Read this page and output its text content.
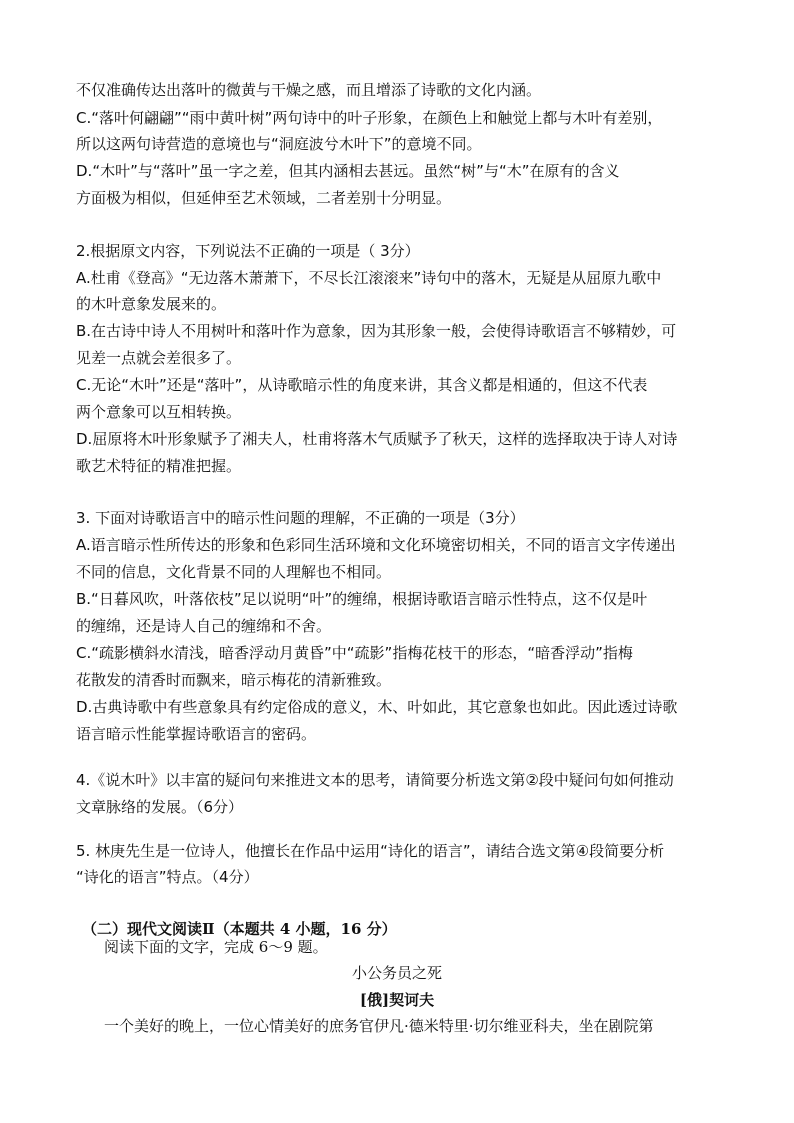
不仅准确传达出落叶的微黄与干燥之感，而且增添了诗歌的文化内涵。
C.“落叶何翩翩”“雨中黄叶树”两句诗中的叶子形象，在颜色上和触觉上都与木叶有差别，
所以这两句诗营造的意境也与“洞庭波兮木叶下”的意境不同。
D.“木叶”与“落叶”虽一字之差，但其内涵相去甚远。虽然“树”与“木”在原有的含义
方面极为相似，但延伸至艺术领域，二者差别十分明显。
2.根据原文内容，下列说法不正确的一项是（ 3分）
A.杜甫《登高》“无边落木萧萧下，不尽长江滚滚来”诗句中的落木，无疑是从屈原九歌中
的木叶意象发展来的。
B.在古诗中诗人不用树叶和落叶作为意象，因为其形象一般，会使得诗歌语言不够精妙，可
见差一点就会差很多了。
C.无论“木叶”还是“落叶”，从诗歌暗示性的角度来讲，其含义都是相通的，但这不代表
两个意象可以互相转换。
D.屈原将木叶形象赋予了湘夫人，杜甫将落木气质赋予了秋天，这样的选择取决于诗人对诗
歌艺术特征的精准把握。
3. 下面对诗歌语言中的暗示性问题的理解，不正确的一项是（3分）
A.语言暗示性所传达的形象和色彩同生活环境和文化环境密切相关，不同的语言文字传递出
不同的信息，文化背景不同的人理解也不相同。
B.“日暮风吹，叶落依枝”足以说明“叶”的缠绵，根据诗歌语言暗示性特点，这不仅是叶
的缠绵，还是诗人自己的缠绵和不舍。
C.“疏影横斜水清浅，暗香浮动月黄昏”中“疏影”指梅花枝干的形态，“暗香浮动”指梅
花散发的清香时而飘来，暗示梅花的清新雅致。
D.古典诗歌中有些意象具有约定俗成的意义，木、叶如此，其它意象也如此。因此透过诗歌
语言暗示性能掌握诗歌语言的密码。
4.《说木叶》以丰富的疑问句来推进文本的思考，请简要分析选文第②段中疑问句如何推动
文章脉络的发展。（6分）
5. 林庚先生是一位诗人，他擅长在作品中运用“诗化的语言”，请结合选文第④段简要分析
“诗化的语言”特点。（4分）
（二）现代文阅读Ⅱ（本题共 4 小题，16 分）
阅读下面的文字，完成 6～9 题。
小公务员之死
[俄]契诃夫
一个美好的晚上，一位心情美好的庶务官伊凡·德米特里·切尔维亚科夫，坐在剧院第
